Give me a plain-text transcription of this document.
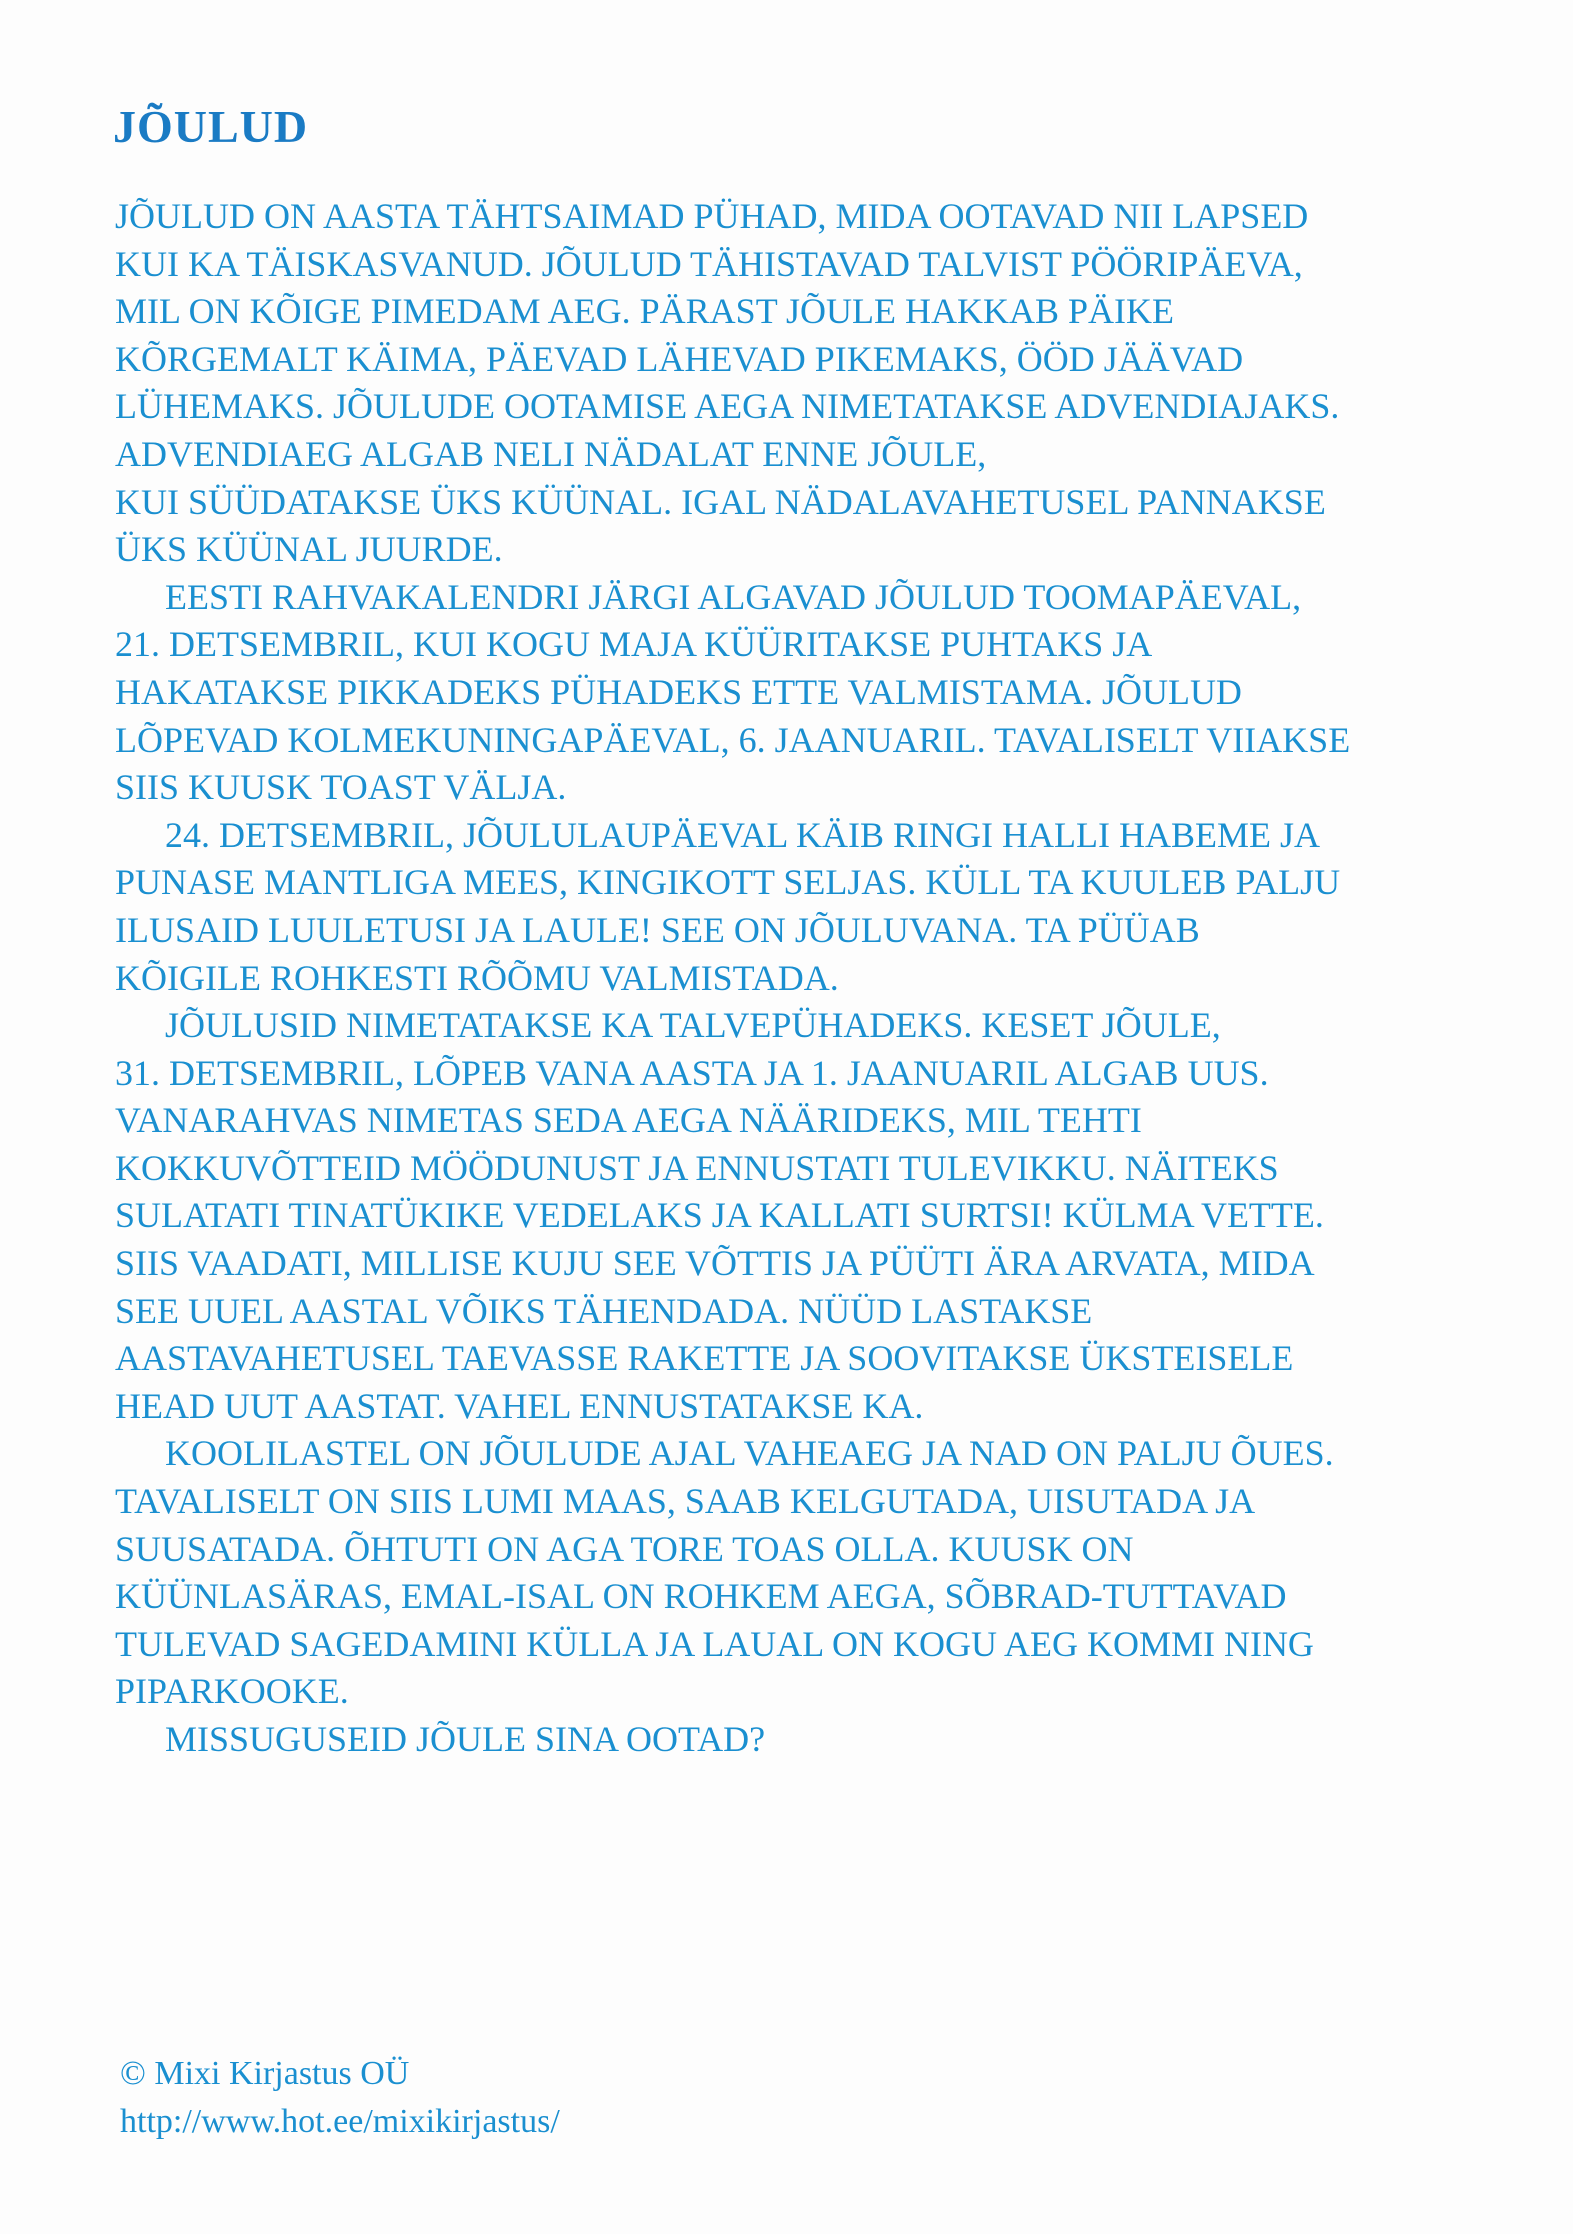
JÕULUD
JÕULUD ON AASTA TÄHTSAIMAD PÜHAD, MIDA OOTAVAD NII LAPSED
KUI KA TÄISKASVANUD. JÕULUD TÄHISTAVAD TALVIST PÖÖRIPÄEVA,
MIL ON KÕIGE PIMEDAM AEG. PÄRAST JÕULE HAKKAB PÄIKE
KÕRGEMALT KÄIMA, PÄEVAD LÄHEVAD PIKEMAKS, ÖÖD JÄÄVAD
LÜHEMAKS. JÕULUDE OOTAMISE AEGA NIMETATAKSE ADVENDIAJAKS.
ADVENDIAEG ALGAB NELI NÄDALAT ENNE JÕULE,
KUI SÜÜDATAKSE ÜKS KÜÜNAL. IGAL NÄDALAVAHETUSEL PANNAKSE
ÜKS KÜÜNAL JUURDE.
EESTI RAHVAKALENDRI JÄRGI ALGAVAD JÕULUD TOOMAPÄEVAL,
21. DETSEMBRIL, KUI KOGU MAJA KÜÜRITAKSE PUHTAKS JA
HAKATAKSE PIKKADEKS PÜHADEKS ETTE VALMISTAMA. JÕULUD
LÕPEVAD KOLMEKUNINGAPÄEVAL, 6. JAANUARIL. TAVALISELT VIIAKSE
SIIS KUUSK TOAST VÄLJA.
24. DETSEMBRIL, JÕULULAUPÄEVAL KÄIB RINGI HALLI HABEME JA
PUNASE MANTLIGA MEES, KINGIKOTT SELJAS. KÜLL TA KUULEB PALJU
ILUSAID LUULETUSI JA LAULE! SEE ON JÕULUVANA. TA PÜÜAB
KÕIGILE ROHKESTI RÕÕMU VALMISTADA.
JÕULUSID NIMETATAKSE KA TALVEPÜHADEKS. KESET JÕULE,
31. DETSEMBRIL, LÕPEB VANA AASTA JA 1. JAANUARIL ALGAB UUS.
VANARAHVAS NIMETAS SEDA AEGA NÄÄRIDEKS, MIL TEHTI
KOKKUVÕTTEID MÖÖDUNUST JA ENNUSTATI TULEVIKKU. NÄITEKS
SULATATI TINATÜKIKE VEDELAKS JA KALLATI SURTSI! KÜLMA VETTE.
SIIS VAADATI, MILLISE KUJU SEE VÕTTIS JA PÜÜTI ÄRA ARVATA, MIDA
SEE UUEL AASTAL VÕIKS TÄHENDADA. NÜÜD LASTAKSE
AASTAVAHETUSEL TAEVASSE RAKETTE JA SOOVITAKSE ÜKSTEISELE
HEAD UUT AASTAT. VAHEL ENNUSTATAKSE KA.
KOOLILASTEL ON JÕULUDE AJAL VAHEAEG JA NAD ON PALJU ÕUES.
TAVALISELT ON SIIS LUMI MAAS, SAAB KELGUTADA, UISUTADA JA
SUUSATADA. ÕHTUTI ON AGA TORE TOAS OLLA. KUUSK ON
KÜÜNLASÄRAS, EMAL-ISAL ON ROHKEM AEGA, SÕBRAD-TUTTAVAD
TULEVAD SAGEDAMINI KÜLLA JA LAUAL ON KOGU AEG KOMMI NING
PIPARKOOKE.
MISSUGUSEID JÕULE SINA OOTAD?
© Mixi Kirjastus OÜ
http://www.hot.ee/mixikirjastus/
